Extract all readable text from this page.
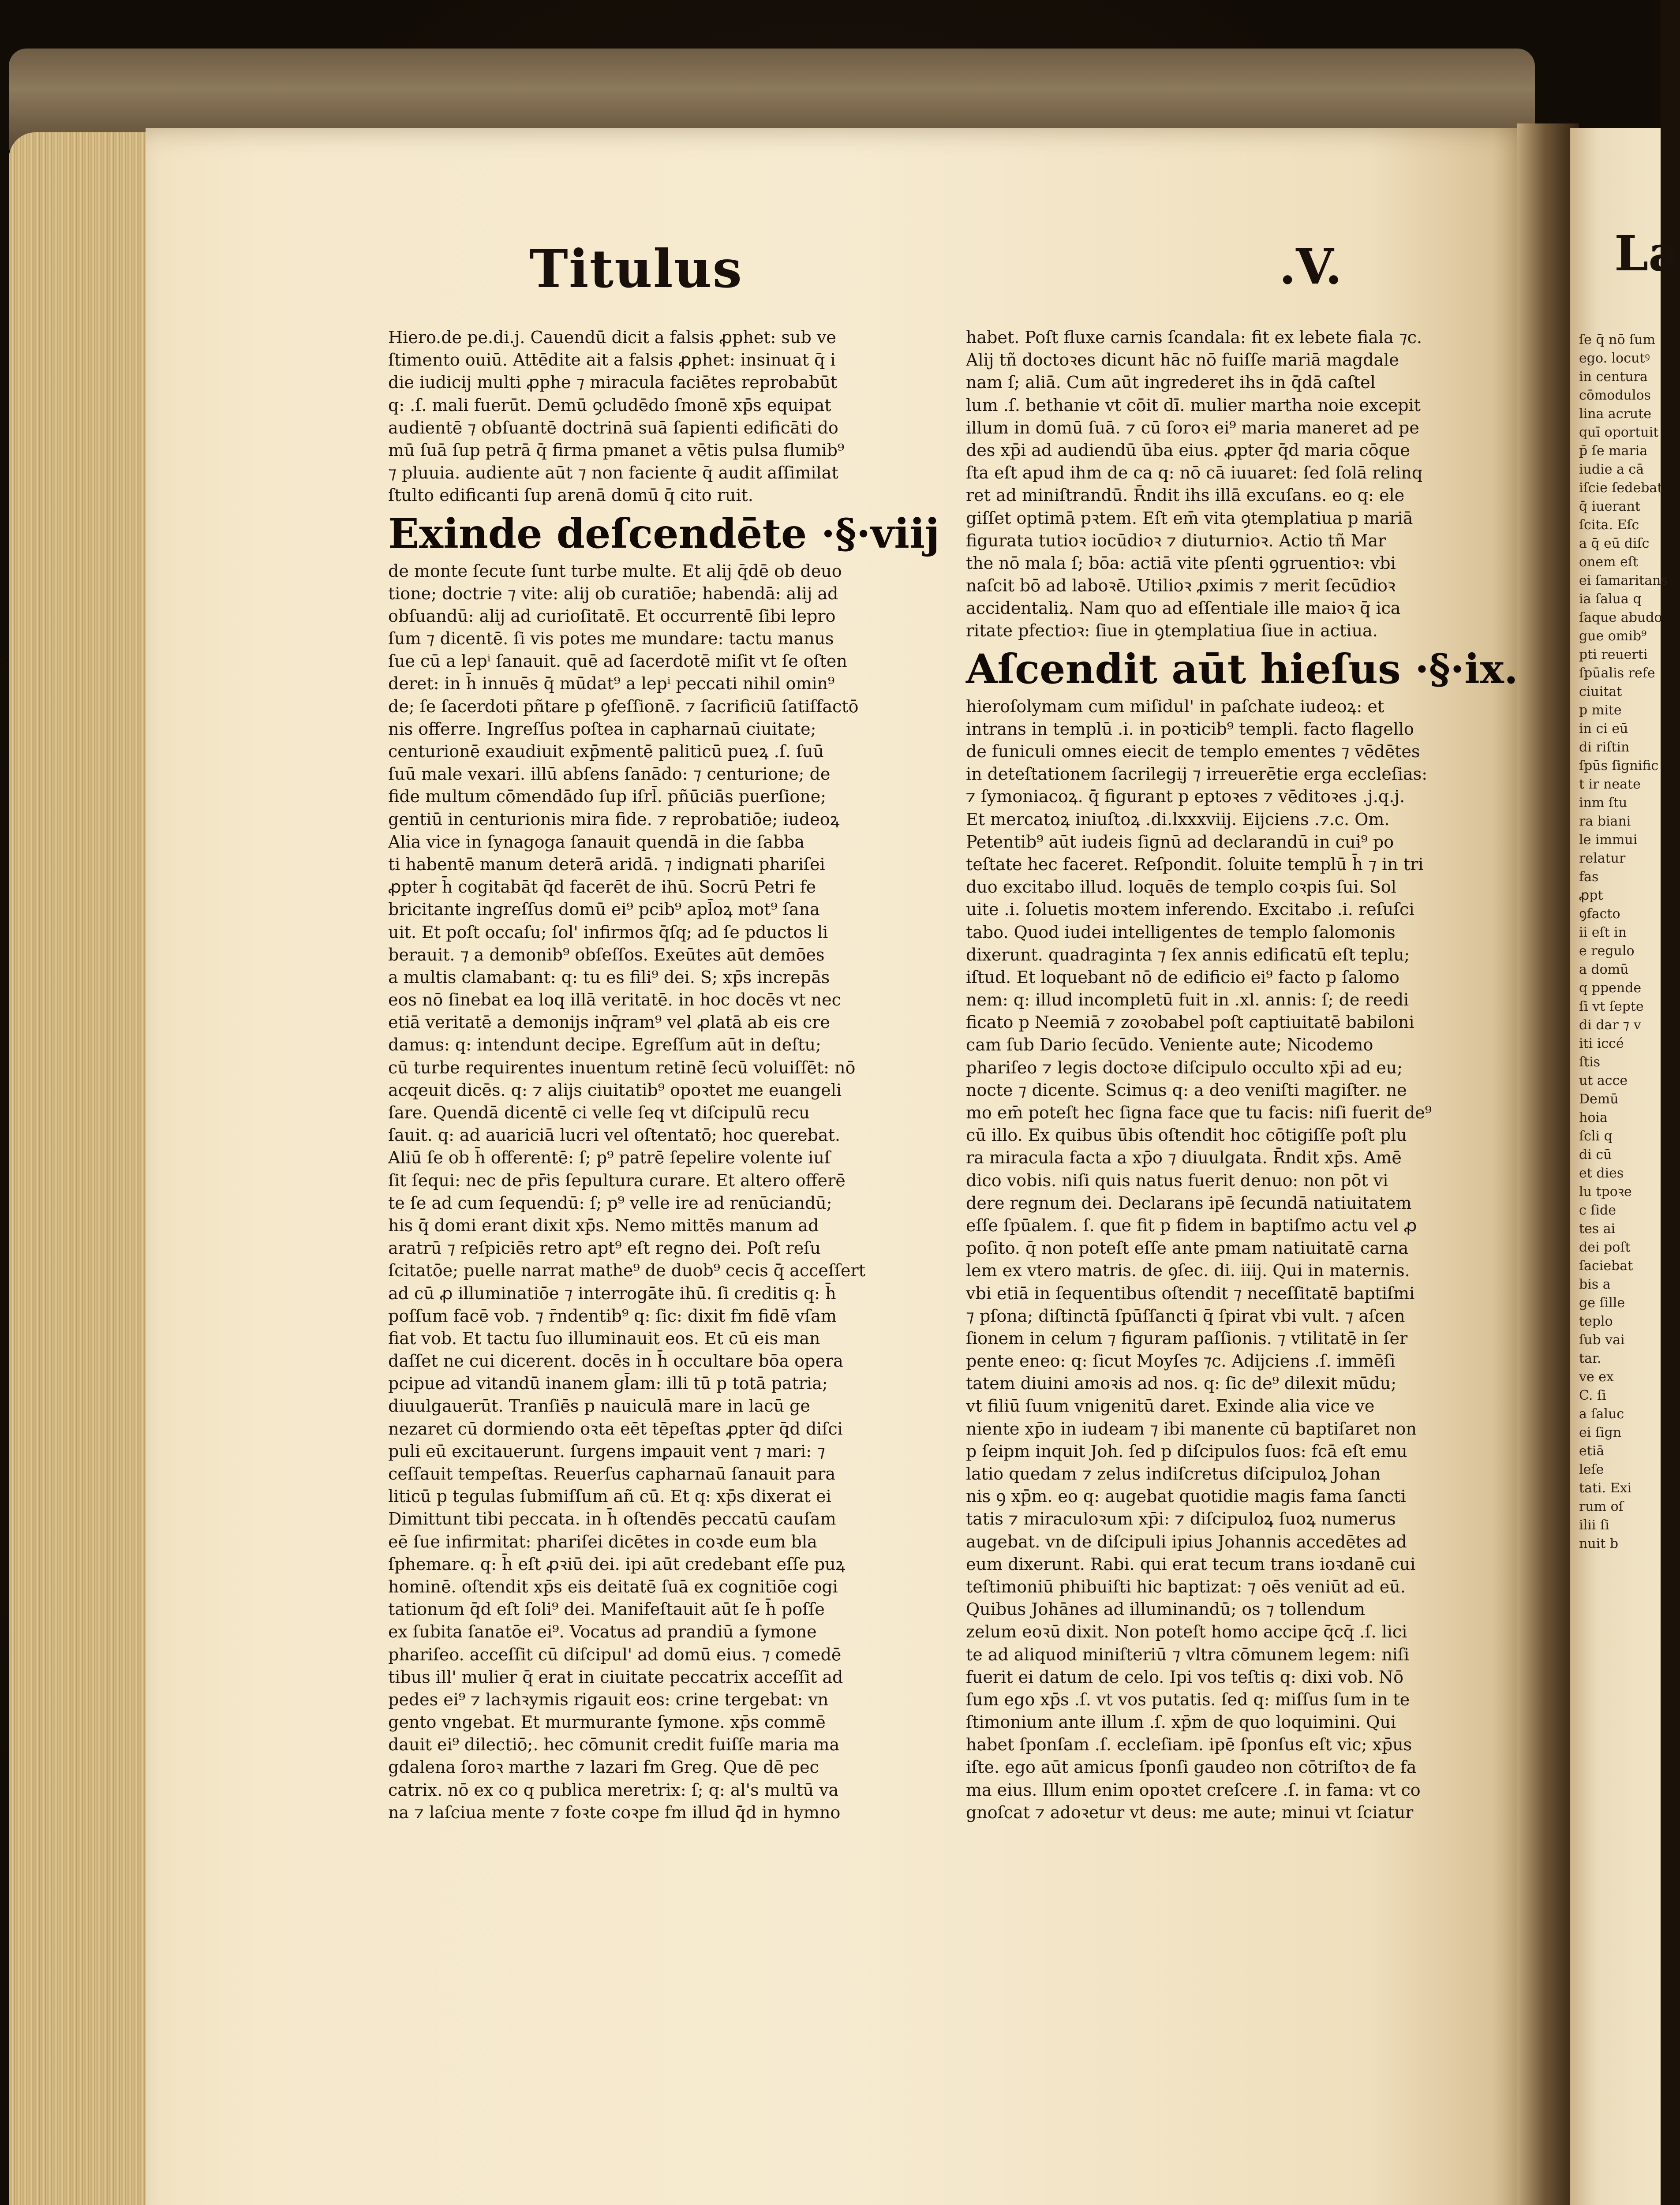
La
ſe q̄ nō ſum
ego. locutꝰ
in centura
cōmodulos
lina acrute
quī oportuit
p̄ ſe maria
iudie a cā
iſcie ſedebat
q̄ iuerant
ſcita. Eſc
a q̄ eū diſc
onem eſt
ei ſamaritans
ia ſalua q
ſaque abudo
gue omib⁹
pti reuerti
ſpūalis refe
ciuitat
p mite
in ci eū
di riſtin
ſpūs ſignific
t ir neate
inm ſtu
ra biani
le immui
relatur
fas
ꝓpt
ꝯfacto
ii eſt in
e regulo
a domū
q ppende
ſi vt ſepte
di dar ⁊ v
iti iccé
ſtis
ut acce
Demū
hoia
ſcli q
di cū
et dies
lu tpoꝛe
c ſide
tes ai
dei poſt
ſaciebat
bis a
ge ſille
teplo
ſub vai
tar.
ve ex
C. ſi
a ſaluc
ei ſign
etiā
leſe
tati. Exi
rum oſ
ilii ſi
nuit b
Titulus	.V.
Hiero.de pe.di.j. Cauendū dicit a falsis ꝓphet: sub ve
ſtimento ouiū. Attēdite ait a falsis ꝓphet: insinuat q̄ i
die iudicij multi ꝓphe ⁊ miracula faciētes reprobabūt
q: .ſ. mali fuerūt. Demū ꝯcludēdo ſmonē xp̄s equipat
audientē ⁊ obſuantē doctrinā suā ſapienti edificāti do
mū ſuā ſup petrā q̄ firma pmanet a vētis pulsa flumib⁹
⁊ pluuia. audiente aūt ⁊ non faciente q̄ audit aſſimilat
ſtulto edificanti ſup arenā domū q̄ cito ruit.
Exinde deſcendēte ·§·viij
de monte ſecute ſunt turbe multe. Et alij q̄dē ob deuo
tione; doctrie ⁊ vite: alij ob curatiōe; habendā: alij ad
obſuandū: alij ad curioſitatē. Et occurrentē ſibi lepro
ſum ⁊ dicentē. ſi vis potes me mundare: tactu manus
ſue cū a lepⁱ ſanauit. quē ad ſacerdotē miſit vt ſe oſten
deret: in h̄ innuēs q̄ mūdat⁹ a lepⁱ peccati nihil omin⁹
de; ſe ſacerdoti pñtare p ꝯfeſſionē. ⁊ ſacrificiū ſatiſfactō
nis offerre. Ingreſſus poſtea in capharnaū ciuitate;
centurionē exaudiuit exp̄mentē paliticū pueꝝ .ſ. ſuū
ſuū male vexari. illū abſens ſanādo: ⁊ centurione; de
fide multum cōmendādo ſup iſrl̄. pñūciās puerſione;
gentiū in centurionis mira fide. ⁊ reprobatiōe; iudeoꝝ
Alia vice in ſynagoga ſanauit quendā in die ſabba
ti habentē manum deterā aridā. ⁊ indignati phariſei
ꝓpter h̄ cogitabāt q̄d facerēt de ihū. Socrū Petri fe
bricitante ingreſſus domū ei⁹ pcib⁹ apl̄oꝝ mot⁹ ſana
uit. Et poſt occaſu; ſol' infirmos q̄ſq; ad ſe pductos li
berauit. ⁊ a demonib⁹ obſeſſos. Exeūtes aūt demōes
a multis clamabant: q: tu es fili⁹ dei. S; xp̄s increpās
eos nō ſinebat ea loq illā veritatē. in hoc docēs vt nec
etiā veritatē a demonijs inq̄ram⁹ vel ꝓlatā ab eis cre
damus: q: intendunt decipe. Egreſſum aūt in deſtu;
cū turbe requirentes inuentum retinē ſecū voluiſſēt: nō
acqeuit dicēs. q: ⁊ alijs ciuitatib⁹ opoꝛtet me euangeli
ſare. Quendā dicentē ci velle ſeq vt diſcipulū recu
ſauit. q: ad auariciā lucri vel oſtentatō; hoc querebat.
Aliū ſe ob h̄ offerentē: ſ; p⁹ patrē ſepelire volente iuſ
ſit ſequi: nec de pr̄is ſepultura curare. Et altero offerē
te ſe ad cum ſequendū: ſ; p⁹ velle ire ad renūciandū;
his q̄ domi erant dixit xp̄s. Nemo mittēs manum ad
aratrū ⁊ reſpiciēs retro apt⁹ eſt regno dei. Poſt reſu
ſcitatōe; puelle narrat mathe⁹ de duob⁹ cecis q̄ acceſſert
ad cū ꝓ illuminatiōe ⁊ interrogāte ihū. ſi creditis q: h̄
poſſum facē vob. ⁊ r̄ndentib⁹ q: ſic: dixit fm fidē vſam
fiat vob. Et tactu ſuo illuminauit eos. Et cū eis man
daſſet ne cui dicerent. docēs in h̄ occultare bōa opera
pcipue ad vitandū inanem gl̄am: illi tū p totā patria;
diuulgauerūt. Tranſiēs p nauiculā mare in lacū ge
nezaret cū dormiendo oꝛta eēt tēpeſtas ꝓpter q̄d diſci
puli eū excitauerunt. ſurgens imꝑauit vent ⁊ mari: ⁊
ceſſauit tempeſtas. Reuerſus capharnaū ſanauit para
liticū p tegulas ſubmiſſum añ cū. Et q: xp̄s dixerat ei
Dimittunt tibi peccata. in h̄ oſtendēs peccatū cauſam
eē ſue infirmitat: phariſei dicētes in coꝛde eum bla
ſphemare. q: h̄ eſt ꝓꝛiū dei. ipi aūt credebant eſſe puꝝ
hominē. oſtendit xp̄s eis deitatē ſuā ex cognitiōe cogi
tationum q̄d eſt ſoli⁹ dei. Manifeſtauit aūt ſe h̄ poſſe
ex ſubita ſanatōe ei⁹. Vocatus ad prandiū a ſymone
phariſeo. acceſſit cū diſcipul' ad domū eius. ⁊ comedē
tibus ill' mulier q̄ erat in ciuitate peccatrix acceſſit ad
pedes ei⁹ ⁊ lachꝛymis rigauit eos: crine tergebat: vn
gento vngebat. Et murmurante ſymone. xp̄s commē
dauit ei⁹ dilectiō;. hec cōmunit credit fuiſſe maria ma
gdalena ſoroꝛ marthe ⁊ lazari fm Greg. Que dē pec
catrix. nō ex co q publica meretrix: ſ; q: al's multū va
na ⁊ laſciua mente ⁊ foꝛte coꝛpe fm illud q̄d in hymno
habet. Poſt fluxe carnis ſcandala: fit ex lebete fiala ⁊c.
Alij tñ doctoꝛes dicunt hāc nō fuiſſe mariā magdale
nam ſ; aliā. Cum aūt ingrederet ihs in q̄dā caſtel
lum .ſ. bethanie vt cōit dī. mulier martha noie excepit
illum in domū ſuā. ⁊ cū ſoroꝛ ei⁹ maria maneret ad pe
des xp̄i ad audiendū ūba eius. ꝓpter q̄d maria cōque
ſta eſt apud ihm de ca q: nō cā iuuaret: ſed ſolā relinq
ret ad miniſtrandū. R̄ndit ihs illā excuſans. eo q: ele
giſſet optimā pꝛtem. Eſt em̄ vita ꝯtemplatiua p mariā
figurata tutioꝛ iocūdioꝛ ⁊ diuturnioꝛ. Actio tñ Mar
the nō mala ſ; bōa: actiā vite pſenti ꝯgruentioꝛ: vbi
naſcit bō ad laboꝛē. Utilioꝛ ꝓximis ⁊ merit ſecūdioꝛ
accidentaliꝝ. Nam quo ad eſſentiale ille maioꝛ q̄ ica
ritate pfectioꝛ: ſiue in ꝯtemplatiua ſiue in actiua.
Aſcendit aūt hieſus ·§·ix.
hieroſolymam cum miſidul' in paſchate iudeoꝝ: et
intrans in templū .i. in poꝛticib⁹ templi. facto flagello
de funiculi omnes eiecit de templo ementes ⁊ vēdētes
in deteſtationem ſacrilegij ⁊ irreuerētie erga eccleſias:
⁊ ſymoniacoꝝ. q̄ figurant p eptoꝛes ⁊ vēditoꝛes .j.q.j.
Et mercatoꝝ iniuſtoꝝ .di.lxxxviij. Eijciens .⁊.c. Om.
Petentib⁹ aūt iudeis ſignū ad declarandū in cui⁹ po
teſtate hec faceret. Reſpondit. ſoluite templū h̄ ⁊ in tri
duo excitabo illud. loquēs de templo coꝛpis ſui. Sol
uite .i. ſoluetis moꝛtem inferendo. Excitabo .i. reſuſci
tabo. Quod iudei intelligentes de templo ſalomonis
dixerunt. quadraginta ⁊ ſex annis edificatū eſt teplu;
iſtud. Et loquebant nō de edificio ei⁹ facto p ſalomo
nem: q: illud incompletū fuit in .xl. annis: ſ; de reedi
ficato p Neemiā ⁊ zoꝛobabel poſt captiuitatē babiloni
cam ſub Dario ſecūdo. Veniente aute; Nicodemo
phariſeo ⁊ legis doctoꝛe diſcipulo occulto xp̄i ad eu;
nocte ⁊ dicente. Scimus q: a deo veniſti magiſter. ne
mo em̄ poteſt hec ſigna face que tu facis: niſi fuerit de⁹
cū illo. Ex quibus ūbis oſtendit hoc cōtigiſſe poſt plu
ra miracula facta a xp̄o ⁊ diuulgata. R̄ndit xp̄s. Amē
dico vobis. niſi quis natus fuerit denuo: non pōt vi
dere regnum dei. Declarans ipē ſecundā natiuitatem
eſſe ſpūalem. ſ. que fit p fidem in baptiſmo actu vel ꝓ
poſito. q̄ non poteſt eſſe ante pmam natiuitatē carna
lem ex vtero matris. de ꝯſec. di. iiij. Qui in maternis.
vbi etiā in ſequentibus oſtendit ⁊ neceſſitatē baptiſmi
⁊ pſona; diſtinctā ſpūſſancti q̄ ſpirat vbi vult. ⁊ aſcen
ſionem in celum ⁊ figuram paſſionis. ⁊ vtilitatē in ſer
pente eneo: q: ſicut Moyſes ⁊c. Adijciens .ſ. immēſi
tatem diuini amoꝛis ad nos. q: ſic de⁹ dilexit mūdu;
vt filiū ſuum vnigenitū daret. Exinde alia vice ve
niente xp̄o in iudeam ⁊ ibi manente cū baptiſaret non
p ſeipm inquit Joh. ſed p diſcipulos ſuos: fcā eſt emu
latio quedam ⁊ zelus indiſcretus diſcipuloꝝ Johan
nis ꝯ xp̄m. eo q: augebat quotidie magis fama ſancti
tatis ⁊ miraculoꝛum xp̄i: ⁊ diſcipuloꝝ ſuoꝝ numerus
augebat. vn de diſcipuli ipius Johannis accedētes ad
eum dixerunt. Rabi. qui erat tecum trans ioꝛdanē cui
teſtimoniū phibuiſti hic baptizat: ⁊ oēs veniūt ad eū.
Quibus Johānes ad illuminandū; os ⁊ tollendum
zelum eoꝛū dixit. Non poteſt homo accipe q̄cq̄ .ſ. lici
te ad aliquod miniſteriū ⁊ vltra cōmunem legem: niſi
fuerit ei datum de celo. Ipi vos teſtis q: dixi vob. Nō
ſum ego xp̄s .ſ. vt vos putatis. ſed q: miſſus ſum in te
ſtimonium ante illum .ſ. xp̄m de quo loquimini. Qui
habet ſponſam .ſ. eccleſiam. ipē ſponſus eſt vic; xp̄us
iſte. ego aūt amicus ſponſi gaudeo non cōtriſtoꝛ de fa
ma eius. Illum enim opoꝛtet creſcere .ſ. in fama: vt co
gnoſcat ⁊ adoꝛetur vt deus: me aute; minui vt ſciatur
